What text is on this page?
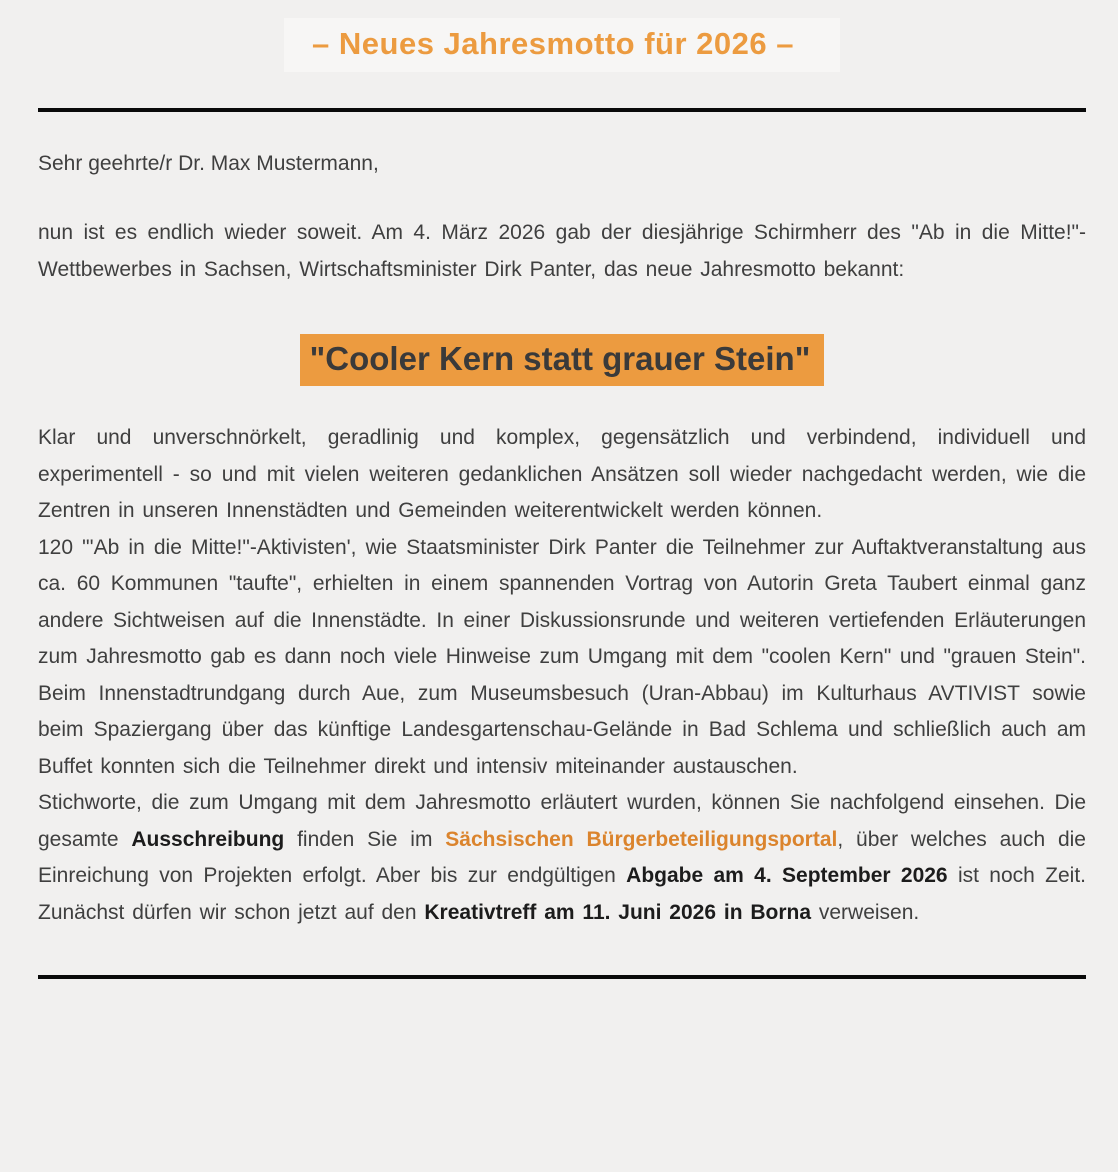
– Neues Jahresmotto für 2026 –

Sehr geehrte/r Dr. Max Mustermann,

nun ist es endlich wieder soweit. Am 4. März 2026 gab der diesjährige Schirmherr des "Ab in die Mitte!"-Wettbewerbes in Sachsen, Wirtschaftsminister Dirk Panter, das neue Jahresmotto bekannt:

"Cooler Kern statt grauer Stein"

Klar und unverschnörkelt, geradlinig und komplex, gegensätzlich und verbindend, individuell und experimentell - so und mit vielen weiteren gedanklichen Ansätzen soll wieder nachgedacht werden, wie die Zentren in unseren Innenstädten und Gemeinden weiterentwickelt werden können.

120 "'Ab in die Mitte!"-Aktivisten', wie Staatsminister Dirk Panter die Teilnehmer zur Auftaktveranstaltung aus ca. 60 Kommunen "taufte", erhielten in einem spannenden Vortrag von Autorin Greta Taubert einmal ganz andere Sichtweisen auf die Innenstädte. In einer Diskussionsrunde und weiteren vertiefenden Erläuterungen zum Jahresmotto gab es dann noch viele Hinweise zum Umgang mit dem "coolen Kern" und "grauen Stein". Beim Innenstadtrundgang durch Aue, zum Museumsbesuch (Uran-Abbau) im Kulturhaus AVTIVIST sowie beim Spaziergang über das künftige Landesgartenschau-Gelände in Bad Schlema und schließlich auch am Buffet konnten sich die Teilnehmer direkt und intensiv miteinander austauschen.

Stichworte, die zum Umgang mit dem Jahresmotto erläutert wurden, können Sie nachfolgend einsehen. Die gesamte Ausschreibung finden Sie im Sächsischen Bürgerbeteiligungsportal, über welches auch die Einreichung von Projekten erfolgt. Aber bis zur endgültigen Abgabe am 4. September 2026 ist noch Zeit. Zunächst dürfen wir schon jetzt auf den Kreativtreff am 11. Juni 2026 in Borna verweisen.
